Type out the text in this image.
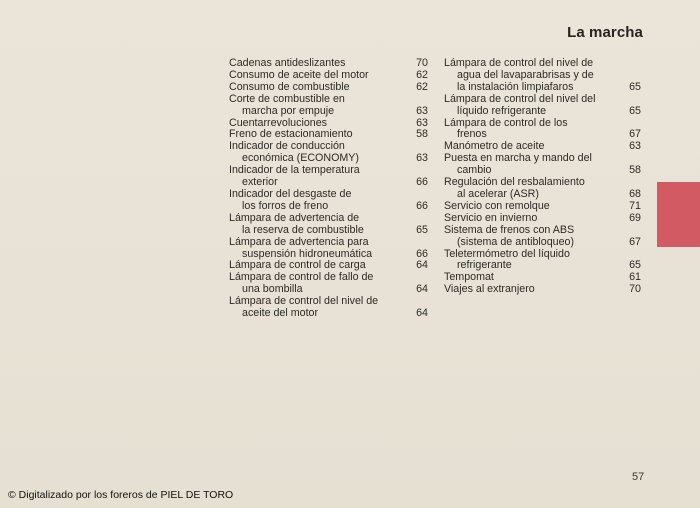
La marcha
Cadenas antideslizantes	70
Consumo de aceite del motor	62
Consumo de combustible	62
Corte de combustible en
marcha por empuje	63
Cuentarrevoluciones	63
Freno de estacionamiento	58
Indicador de conducción
económica (ECONOMY)	63
Indicador de la temperatura
exterior	66
Indicador del desgaste de
los forros de freno	66
Lámpara de advertencia de
la reserva de combustible	65
Lámpara de advertencia para
suspensión hidroneumática	66
Lámpara de control de carga	64
Lámpara de control de fallo de
una bombilla	64
Lámpara de control del nivel de
aceite del motor	64
Lámpara de control del nivel de
agua del lavaparabrisas y de
la instalación limpiafaros	65
Lámpara de control del nivel del
líquido refrigerante	65
Lámpara de control de los
frenos	67
Manómetro de aceite	63
Puesta en marcha y mando del
cambio	58
Regulación del resbalamiento
al acelerar (ASR)	68
Servicio con remolque	71
Servicio en invierno	69
Sistema de frenos con ABS
(sistema de antibloqueo)	67
Teletermómetro del líquido
refrigerante	65
Tempomat	61
Viajes al extranjero	70
57
© Digitalizado por los foreros de PIEL DE TORO
